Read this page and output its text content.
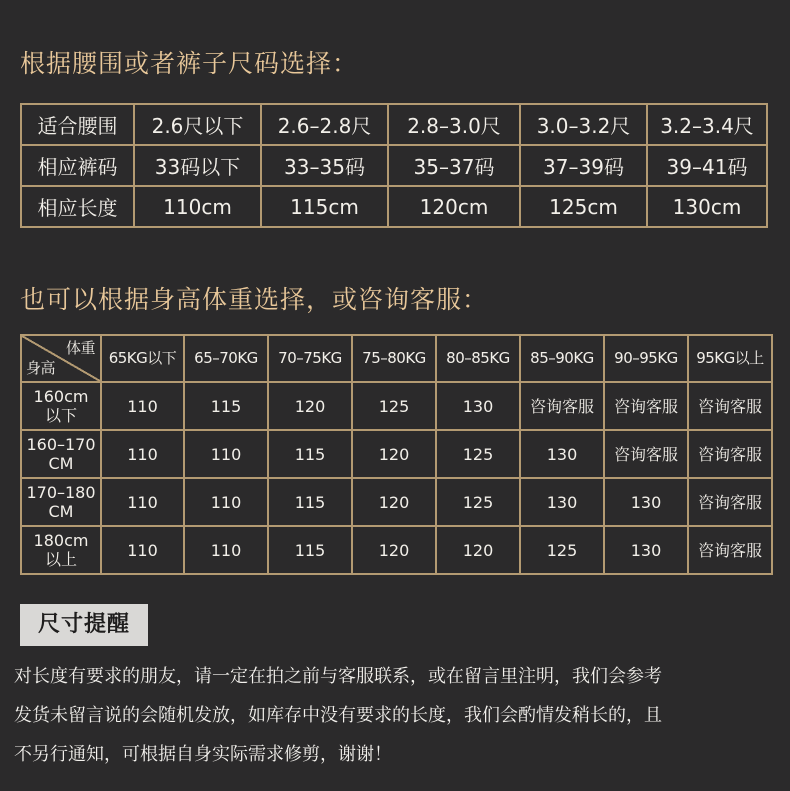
根据腰围或者裤子尺码选择：
适合腰围	2.6尺以下	2.6–2.8尺	2.8–3.0尺	3.0–3.2尺	3.2–3.4尺
相应裤码	33码以下	33–35码	35–37码	37–39码	39–41码
相应长度	110cm	115cm	120cm	125cm	130cm
也可以根据身高体重选择，或咨询客服：
体重
身高	65KG以下	65–70KG	70–75KG	75–80KG	80–85KG	85–90KG	90–95KG	95KG以上
160cm
以下	110	115	120	125	130	咨询客服	咨询客服	咨询客服
160–170
CM	110	110	115	120	125	130	咨询客服	咨询客服
170–180
CM	110	110	115	120	125	130	130	咨询客服
180cm
以上	110	110	115	120	120	125	130	咨询客服
尺寸提醒

对长度有要求的朋友，请一定在拍之前与客服联系，或在留言里注明，我们会参考

发货未留言说的会随机发放，如库存中没有要求的长度，我们会酌情发稍长的，且

不另行通知，可根据自身实际需求修剪，谢谢！
